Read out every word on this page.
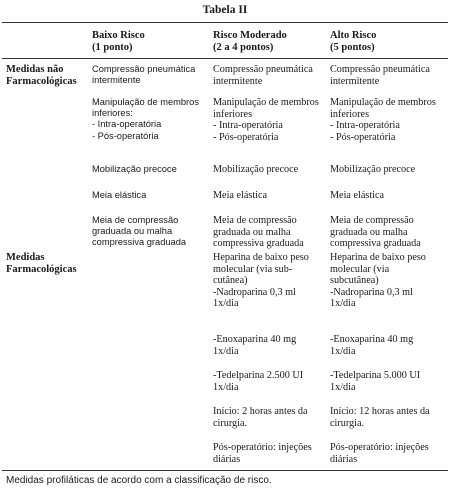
Tabela II
Baixo Risco
(1 ponto)
Risco Moderado
(2 a 4 pontos)
Alto Risco
(5 pontos)
Medidas não
Farmacológicas
Medidas
Farmacológicas
Compressão pneumática
intermitente
Manipulação de membros
inferiores:
- Intra-operatória
- Pós-operatória
Mobilização precoce
Meia elástica
Meia de compressão
graduada ou malha
compressiva graduada
Compressão pneumática
intermitente
Manipulação de membros
inferiores
- Intra-operatória
- Pós-operatória
Mobilização precoce
Meia elástica
Meia de compressão
graduada ou malha
compressiva graduada
Heparina de baixo peso
molecular (via sub-
cutânea)
-Nadroparina 0,3 ml
1x/dia
-Enoxaparina 40 mg
1x/dia
-Tedelparina 2.500 UI
1x/dia
Início: 2 horas antes da
cirurgia.
Pós-operatório: injeções
diárias
Compressão pneumática
intermitente
Manipulação de membros
inferiores
- Intra-operatória
- Pós-operatória
Mobilização precoce
Meia elástica
Meia de compressão
graduada ou malha
compressiva graduada
Heparina de baixo peso
molecular (via
subcutânea)
-Nadroparina 0,3 ml
1x/dia
-Enoxaparina 40 mg
1x/dia
-Tedelparina 5.000 UI
1x/dia
Início: 12 horas antes da
cirurgia.
Pós-operatório: injeções
diárias
Medidas profiláticas de acordo com a classificação de risco.
